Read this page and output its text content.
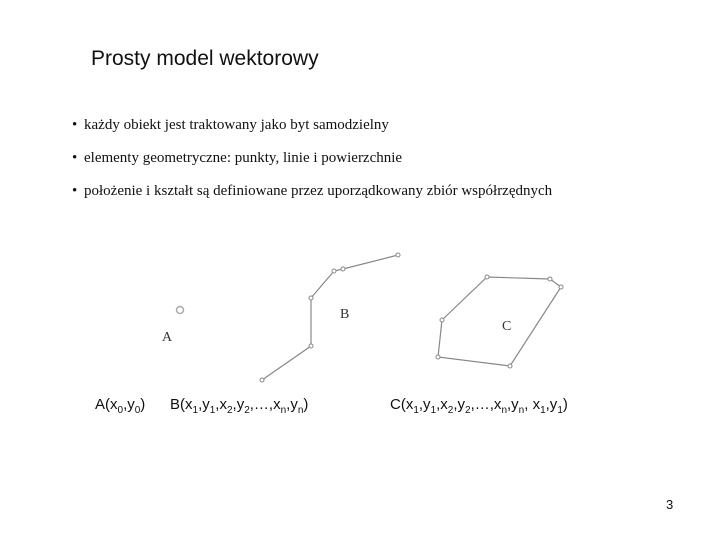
Prosty model wektorowy
• każdy obiekt jest traktowany jako byt samodzielny
• elementy geometryczne: punkty, linie i powierzchnie
• położenie i kształt są definiowane przez uporządkowany zbiór współrzędnych
A
B
C
$A(x_0,y_0)$ $B(x_1,y_1,x_2,y_2,\dots,x_n,y_n)$	$C(x_1,y_1,x_2,y_2,\dots,x_n,y_n$, $x_1,y_1$)
3
